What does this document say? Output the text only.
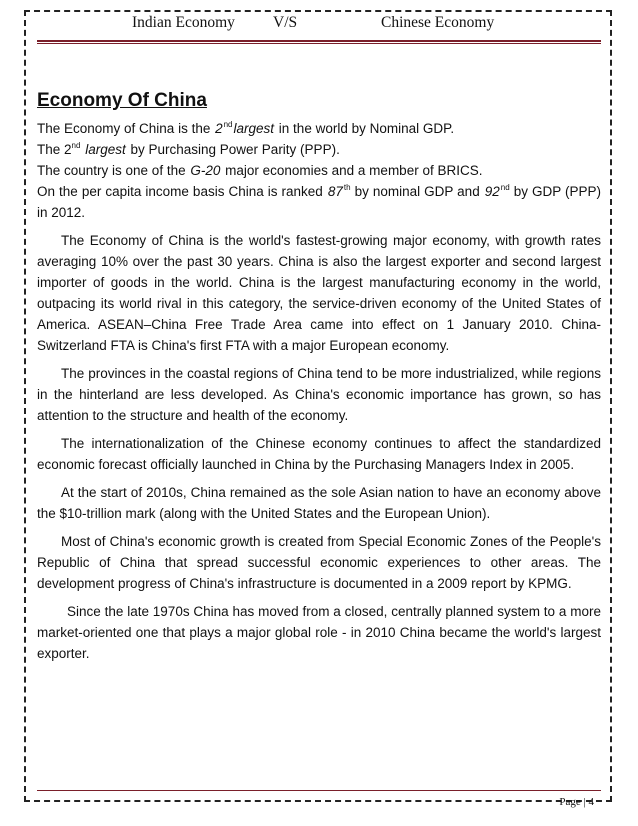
Indian Economy V/S	Chinese Economy
Economy Of China

The Economy of China is the 2ndlargest in the world by Nominal GDP.

The 2nd largest by Purchasing Power Parity (PPP).

The country is one of the G-20 major economies and a member of BRICS.

On the per capita income basis China is ranked 87th by nominal GDP and 92nd by GDP (PPP) in 2012.

The Economy of China is the world's fastest-growing major economy, with growth rates averaging 10% over the past 30 years. China is also the largest exporter and second largest importer of goods in the world. China is the largest manufacturing economy in the world, outpacing its world rival in this category, the service-driven economy of the United States of America. ASEAN–China Free Trade Area came into effect on 1 January 2010. China-Switzerland FTA is China's first FTA with a major European economy.

The provinces in the coastal regions of China tend to be more industrialized, while regions in the hinterland are less developed. As China's economic importance has grown, so has attention to the structure and health of the economy.

The internationalization of the Chinese economy continues to affect the standardized economic forecast officially launched in China by the Purchasing Managers Index in 2005.

At the start of 2010s, China remained as the sole Asian nation to have an economy above the $10-trillion mark (along with the United States and the European Union).

Most of China's economic growth is created from Special Economic Zones of the People's Republic of China that spread successful economic experiences to other areas. The development progress of China's infrastructure is documented in a 2009 report by KPMG.

Since the late 1970s China has moved from a closed, centrally planned system to a more market-oriented one that plays a major global role - in 2010 China became the world's largest exporter.

Page | 4
